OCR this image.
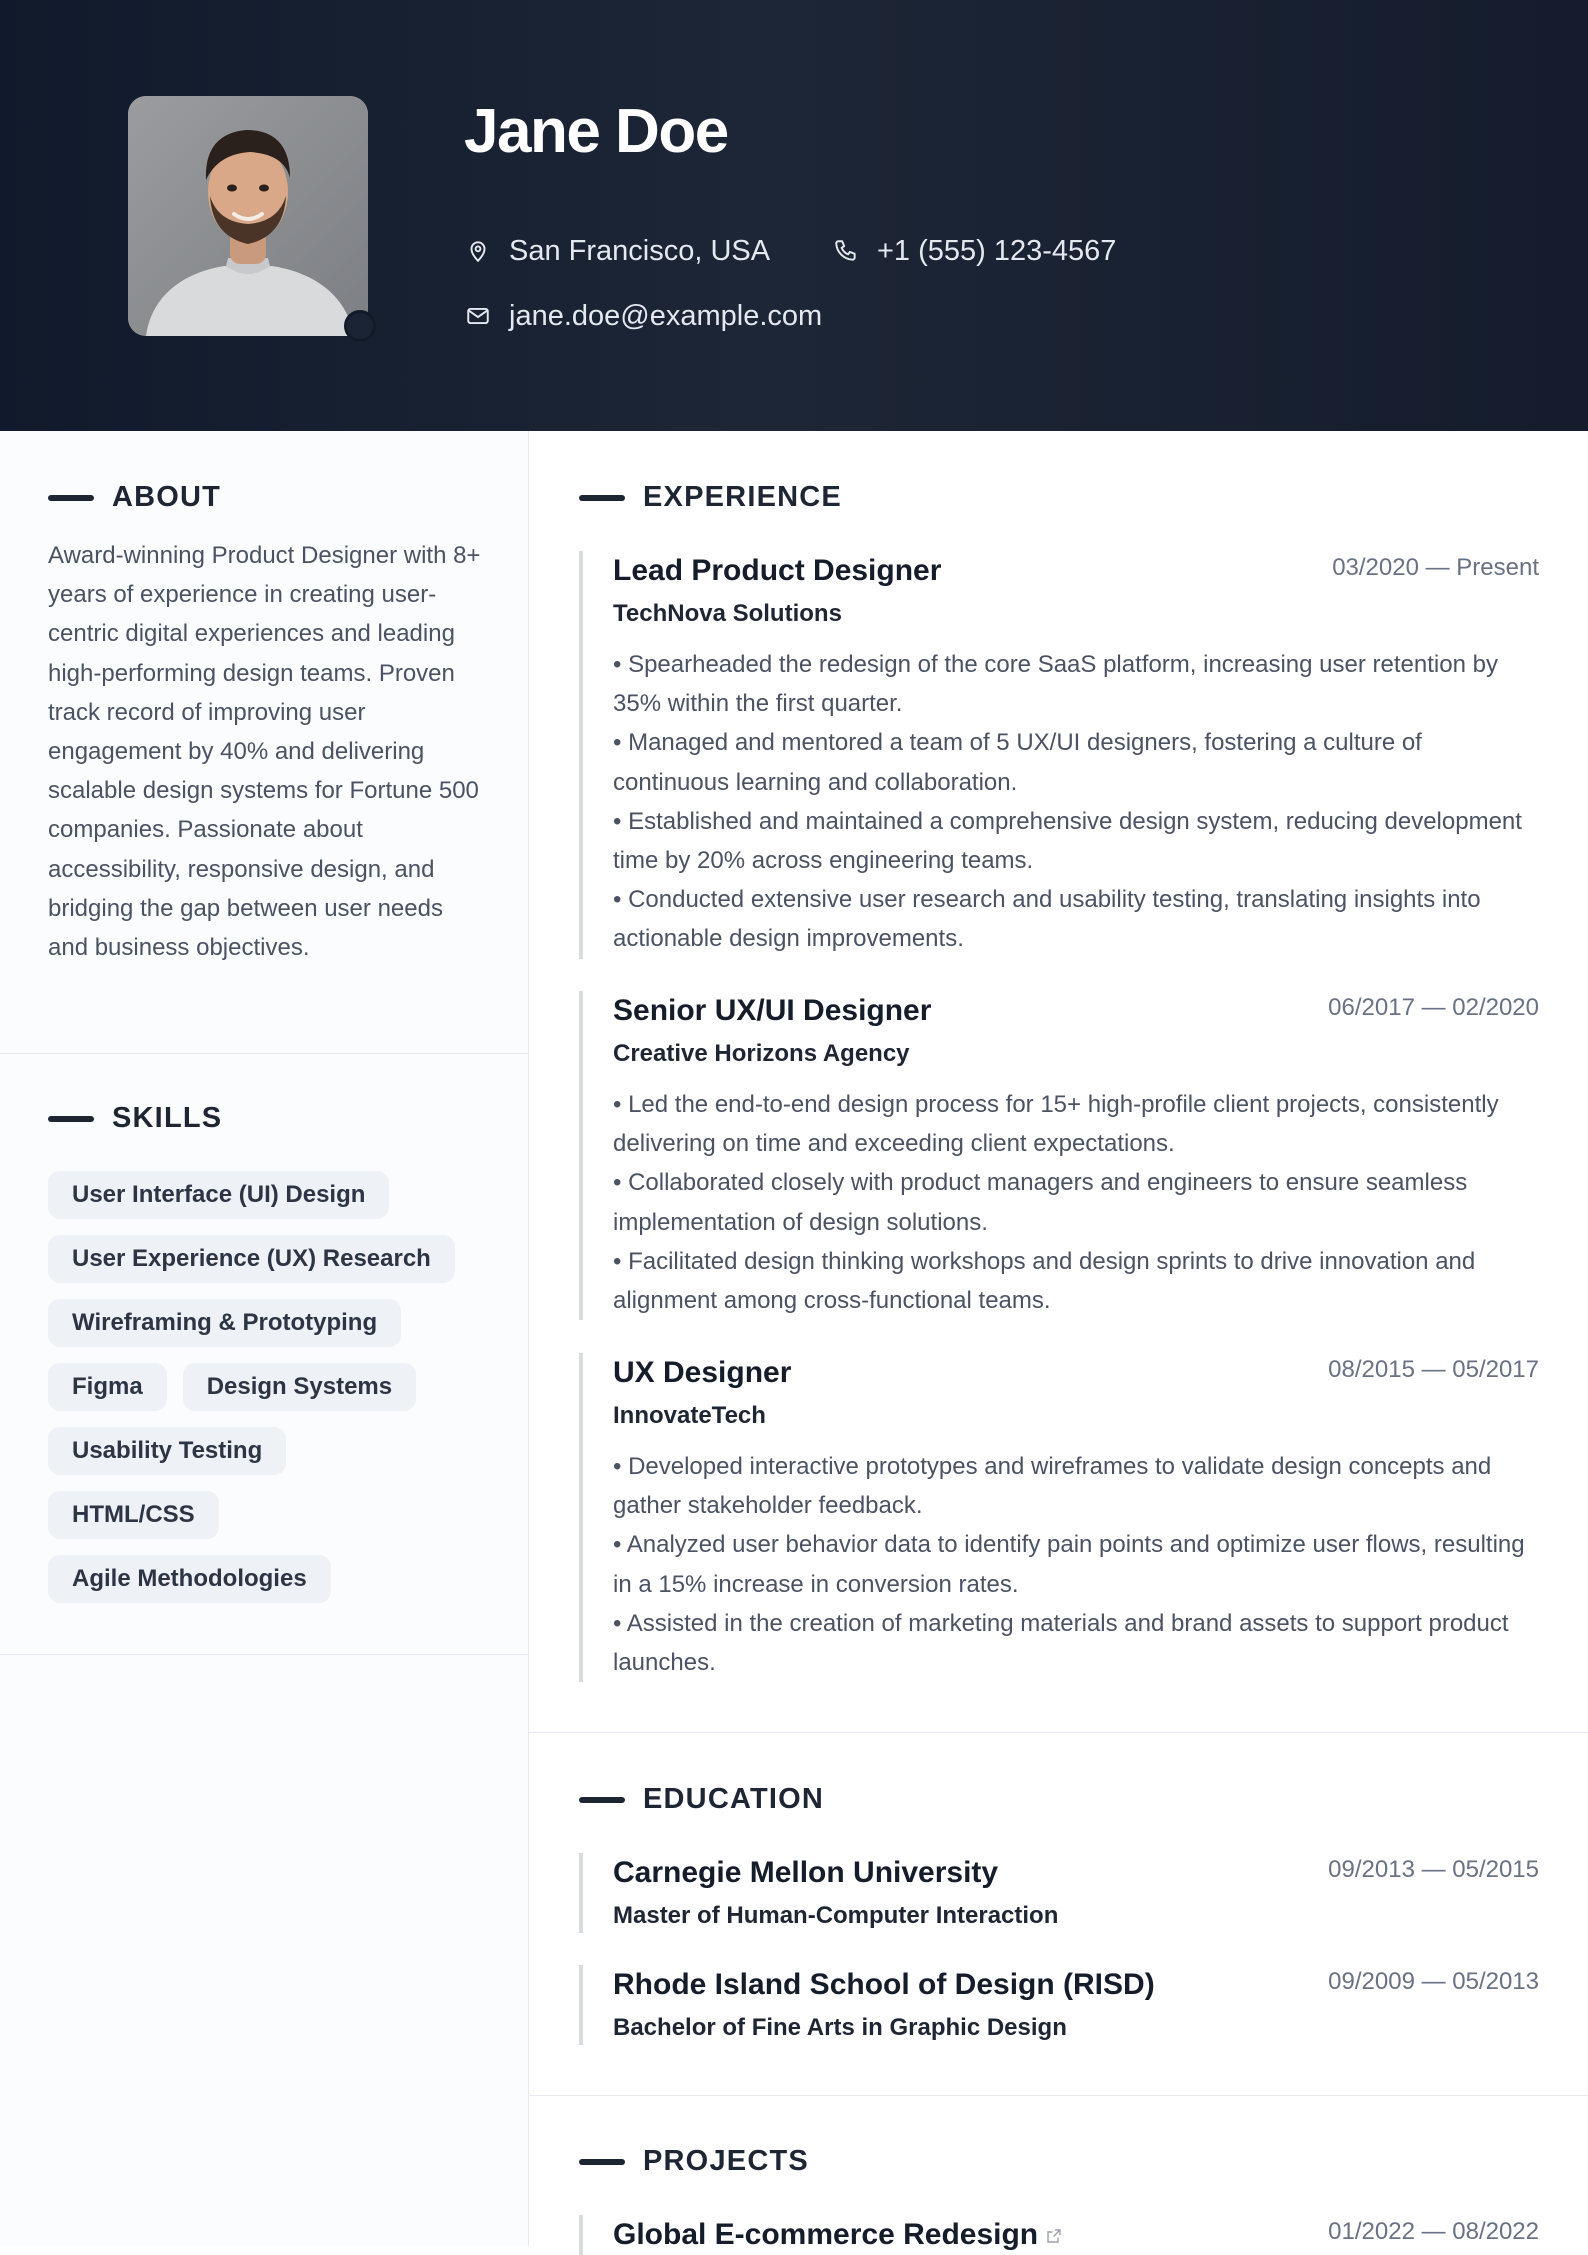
Jane Doe
San Francisco, USA	+1 (555) 123-4567
jane.doe@example.com
ABOUT
Award-winning Product Designer with 8+ years of experience in creating user-centric digital experiences and leading high-performing design teams. Proven track record of improving user engagement by 40% and delivering scalable design systems for Fortune 500 companies. Passionate about accessibility, responsive design, and bridging the gap between user needs and business objectives.
SKILLS
User Interface (UI) Design
User Experience (UX) Research
Wireframing & Prototyping
Figma	Design Systems
Usability Testing
HTML/CSS
Agile Methodologies
EXPERIENCE
Lead Product Designer	03/2020 — Present
TechNova Solutions
• Spearheaded the redesign of the core SaaS platform, increasing user retention by 35% within the first quarter.
• Managed and mentored a team of 5 UX/UI designers, fostering a culture of continuous learning and collaboration.
• Established and maintained a comprehensive design system, reducing development time by 20% across engineering teams.
• Conducted extensive user research and usability testing, translating insights into actionable design improvements.
Senior UX/UI Designer	06/2017 — 02/2020
Creative Horizons Agency
• Led the end-to-end design process for 15+ high-profile client projects, consistently delivering on time and exceeding client expectations.
• Collaborated closely with product managers and engineers to ensure seamless implementation of design solutions.
• Facilitated design thinking workshops and design sprints to drive innovation and alignment among cross-functional teams.
UX Designer	08/2015 — 05/2017
InnovateTech
• Developed interactive prototypes and wireframes to validate design concepts and gather stakeholder feedback.
• Analyzed user behavior data to identify pain points and optimize user flows, resulting in a 15% increase in conversion rates.
• Assisted in the creation of marketing materials and brand assets to support product launches.
EDUCATION
Carnegie Mellon University	09/2013 — 05/2015
Master of Human-Computer Interaction
Rhode Island School of Design (RISD)	09/2009 — 05/2013
Bachelor of Fine Arts in Graphic Design
PROJECTS
Global E-commerce Redesign	01/2022 — 08/2022
